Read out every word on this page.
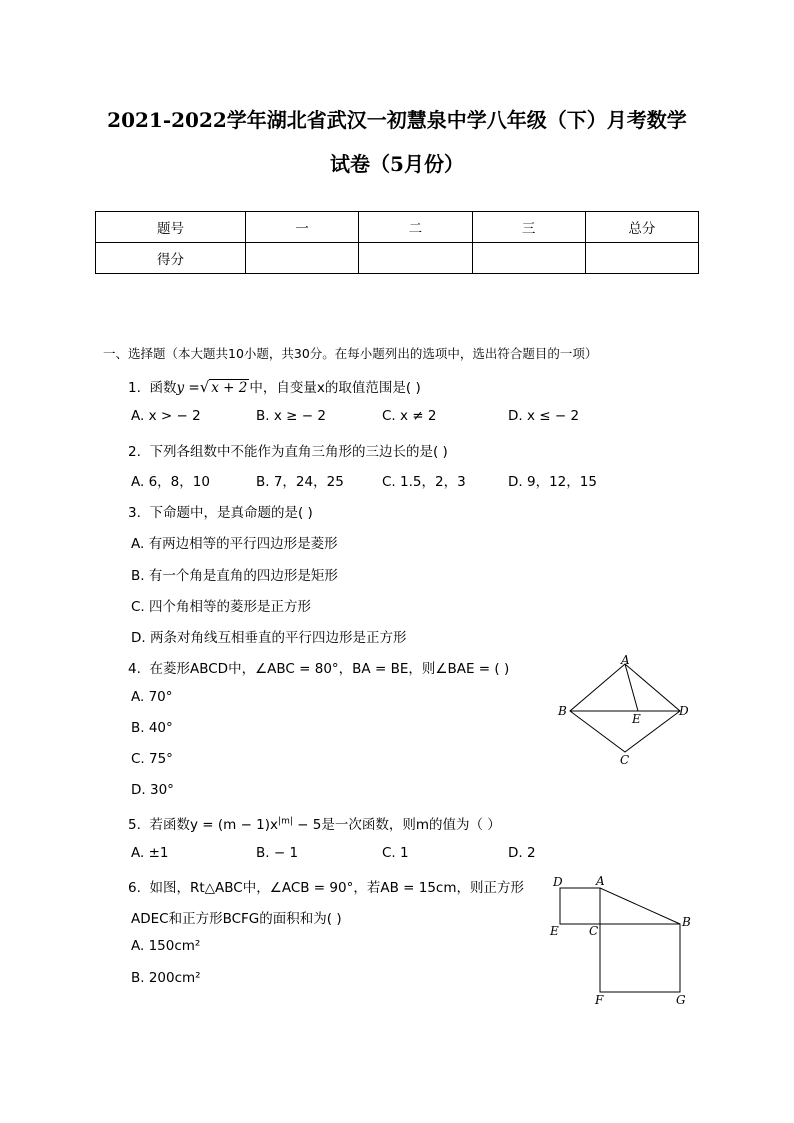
2021-2022学年湖北省武汉一初慧泉中学八年级（下）月考数学
试卷（5月份）
题号	一	二	三	总分
得分				
一、选择题（本大题共10小题，共30分。在每小题列出的选项中，选出符合题目的一项）
1. 函数y =√ x + 2 中，自变量x的取值范围是( )
A. x > − 2	B. x ≥ − 2	C. x ≠ 2	D. x ≤ − 2
2. 下列各组数中不能作为直角三角形的三边长的是( )
A. 6，8，10	B. 7，24，25	C. 1.5，2，3	D. 9，12，15
3. 下命题中，是真命题的是( )
A. 有两边相等的平行四边形是菱形
B. 有一个角是直角的四边形是矩形
C. 四个角相等的菱形是正方形
D. 两条对角线互相垂直的平行四边形是正方形
4. 在菱形ABCD中，∠ABC = 80°，BA = BE，则∠BAE = ( )
A. 70°
B. 40°
C. 75°
D. 30°
A
B
C
D
E
5. 若函数$y = (m - 1)x^{|m|} - 5$是一次函数，则m的值为（ ）
A. ±1	B. − 1	C. 1	D. 2
6. 如图，Rt△ABC中，∠ACB = 90°，若AB = 15cm，则正方形
ADEC和正方形BCFG的面积和为( )
A. 150cm²
B. 200cm²
D	A
B
E	C
F	G
